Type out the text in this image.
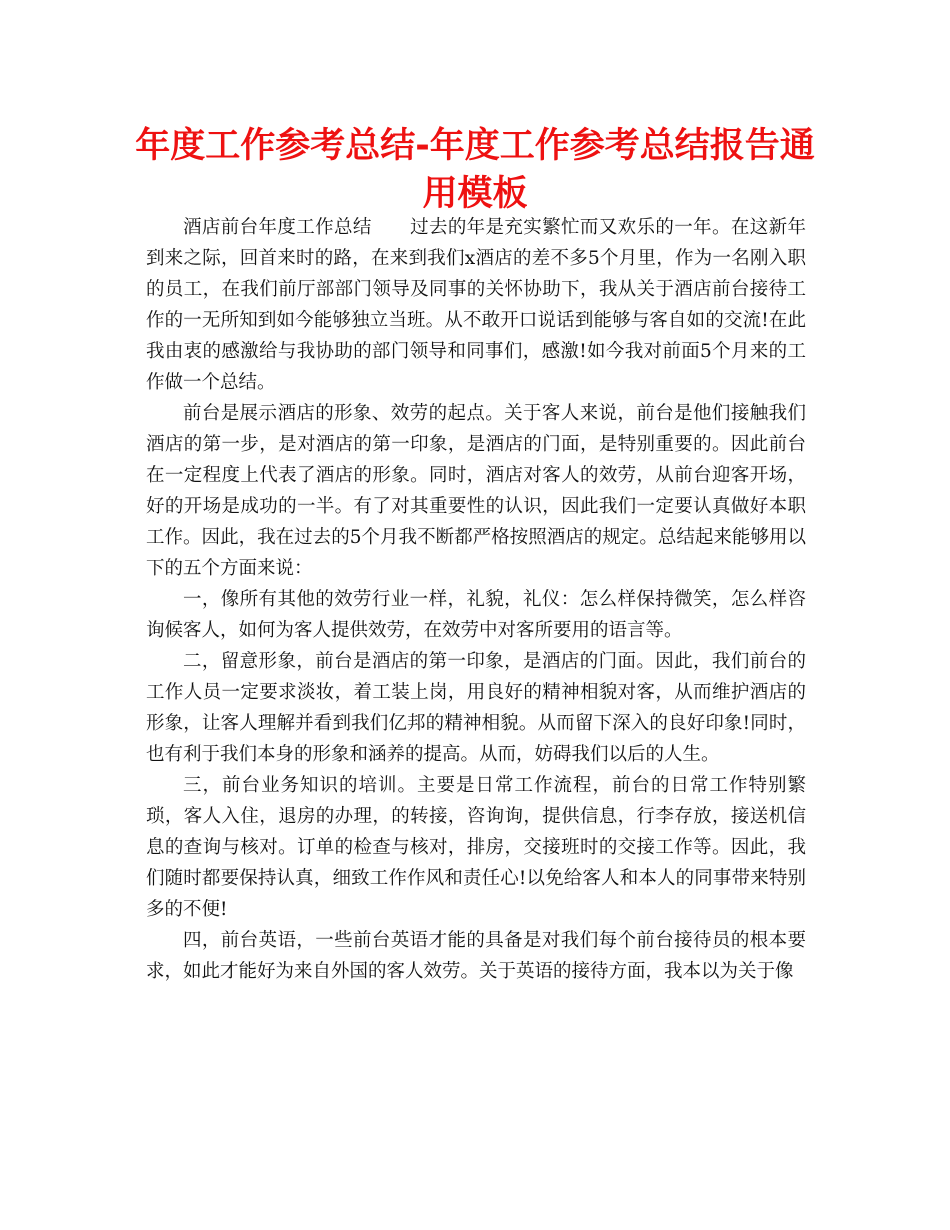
年度工作参考总结-年度工作参考总结报告通用模板

酒店前台年度工作总结 过去的年是充实繁忙而又欢乐的一年。在这新年到来之际，回首来时的路，在来到我们x酒店的差不多5个月里，作为一名刚入职的员工，在我们前厅部部门领导及同事的关怀协助下，我从关于酒店前台接待工作的一无所知到如今能够独立当班。从不敢开口说话到能够与客自如的交流!在此我由衷的感激给与我协助的部门领导和同事们，感激!如今我对前面5个月来的工作做一个总结。

前台是展示酒店的形象、效劳的起点。关于客人来说，前台是他们接触我们酒店的第一步，是对酒店的第一印象，是酒店的门面，是特别重要的。因此前台在一定程度上代表了酒店的形象。同时，酒店对客人的效劳，从前台迎客开场，好的开场是成功的一半。有了对其重要性的认识，因此我们一定要认真做好本职工作。因此，我在过去的5个月我不断都严格按照酒店的规定。总结起来能够用以下的五个方面来说：

一，像所有其他的效劳行业一样，礼貌，礼仪：怎么样保持微笑，怎么样咨询候客人，如何为客人提供效劳，在效劳中对客所要用的语言等。

二，留意形象，前台是酒店的第一印象，是酒店的门面。因此，我们前台的工作人员一定要求淡妆，着工装上岗，用良好的精神相貌对客，从而维护酒店的形象，让客人理解并看到我们亿邦的精神相貌。从而留下深入的良好印象!同时，也有利于我们本身的形象和涵养的提高。从而，妨碍我们以后的人生。

三，前台业务知识的培训。主要是日常工作流程，前台的日常工作特别繁琐，客人入住，退房的办理，的转接，咨询询，提供信息，行李存放，接送机信息的查询与核对。订单的检查与核对，排房，交接班时的交接工作等。因此，我们随时都要保持认真，细致工作作风和责任心!以免给客人和本人的同事带来特别多的不便!

四，前台英语，一些前台英语才能的具备是对我们每个前台接待员的根本要求，如此才能好为来自外国的客人效劳。关于英语的接待方面，我本以为关于像
